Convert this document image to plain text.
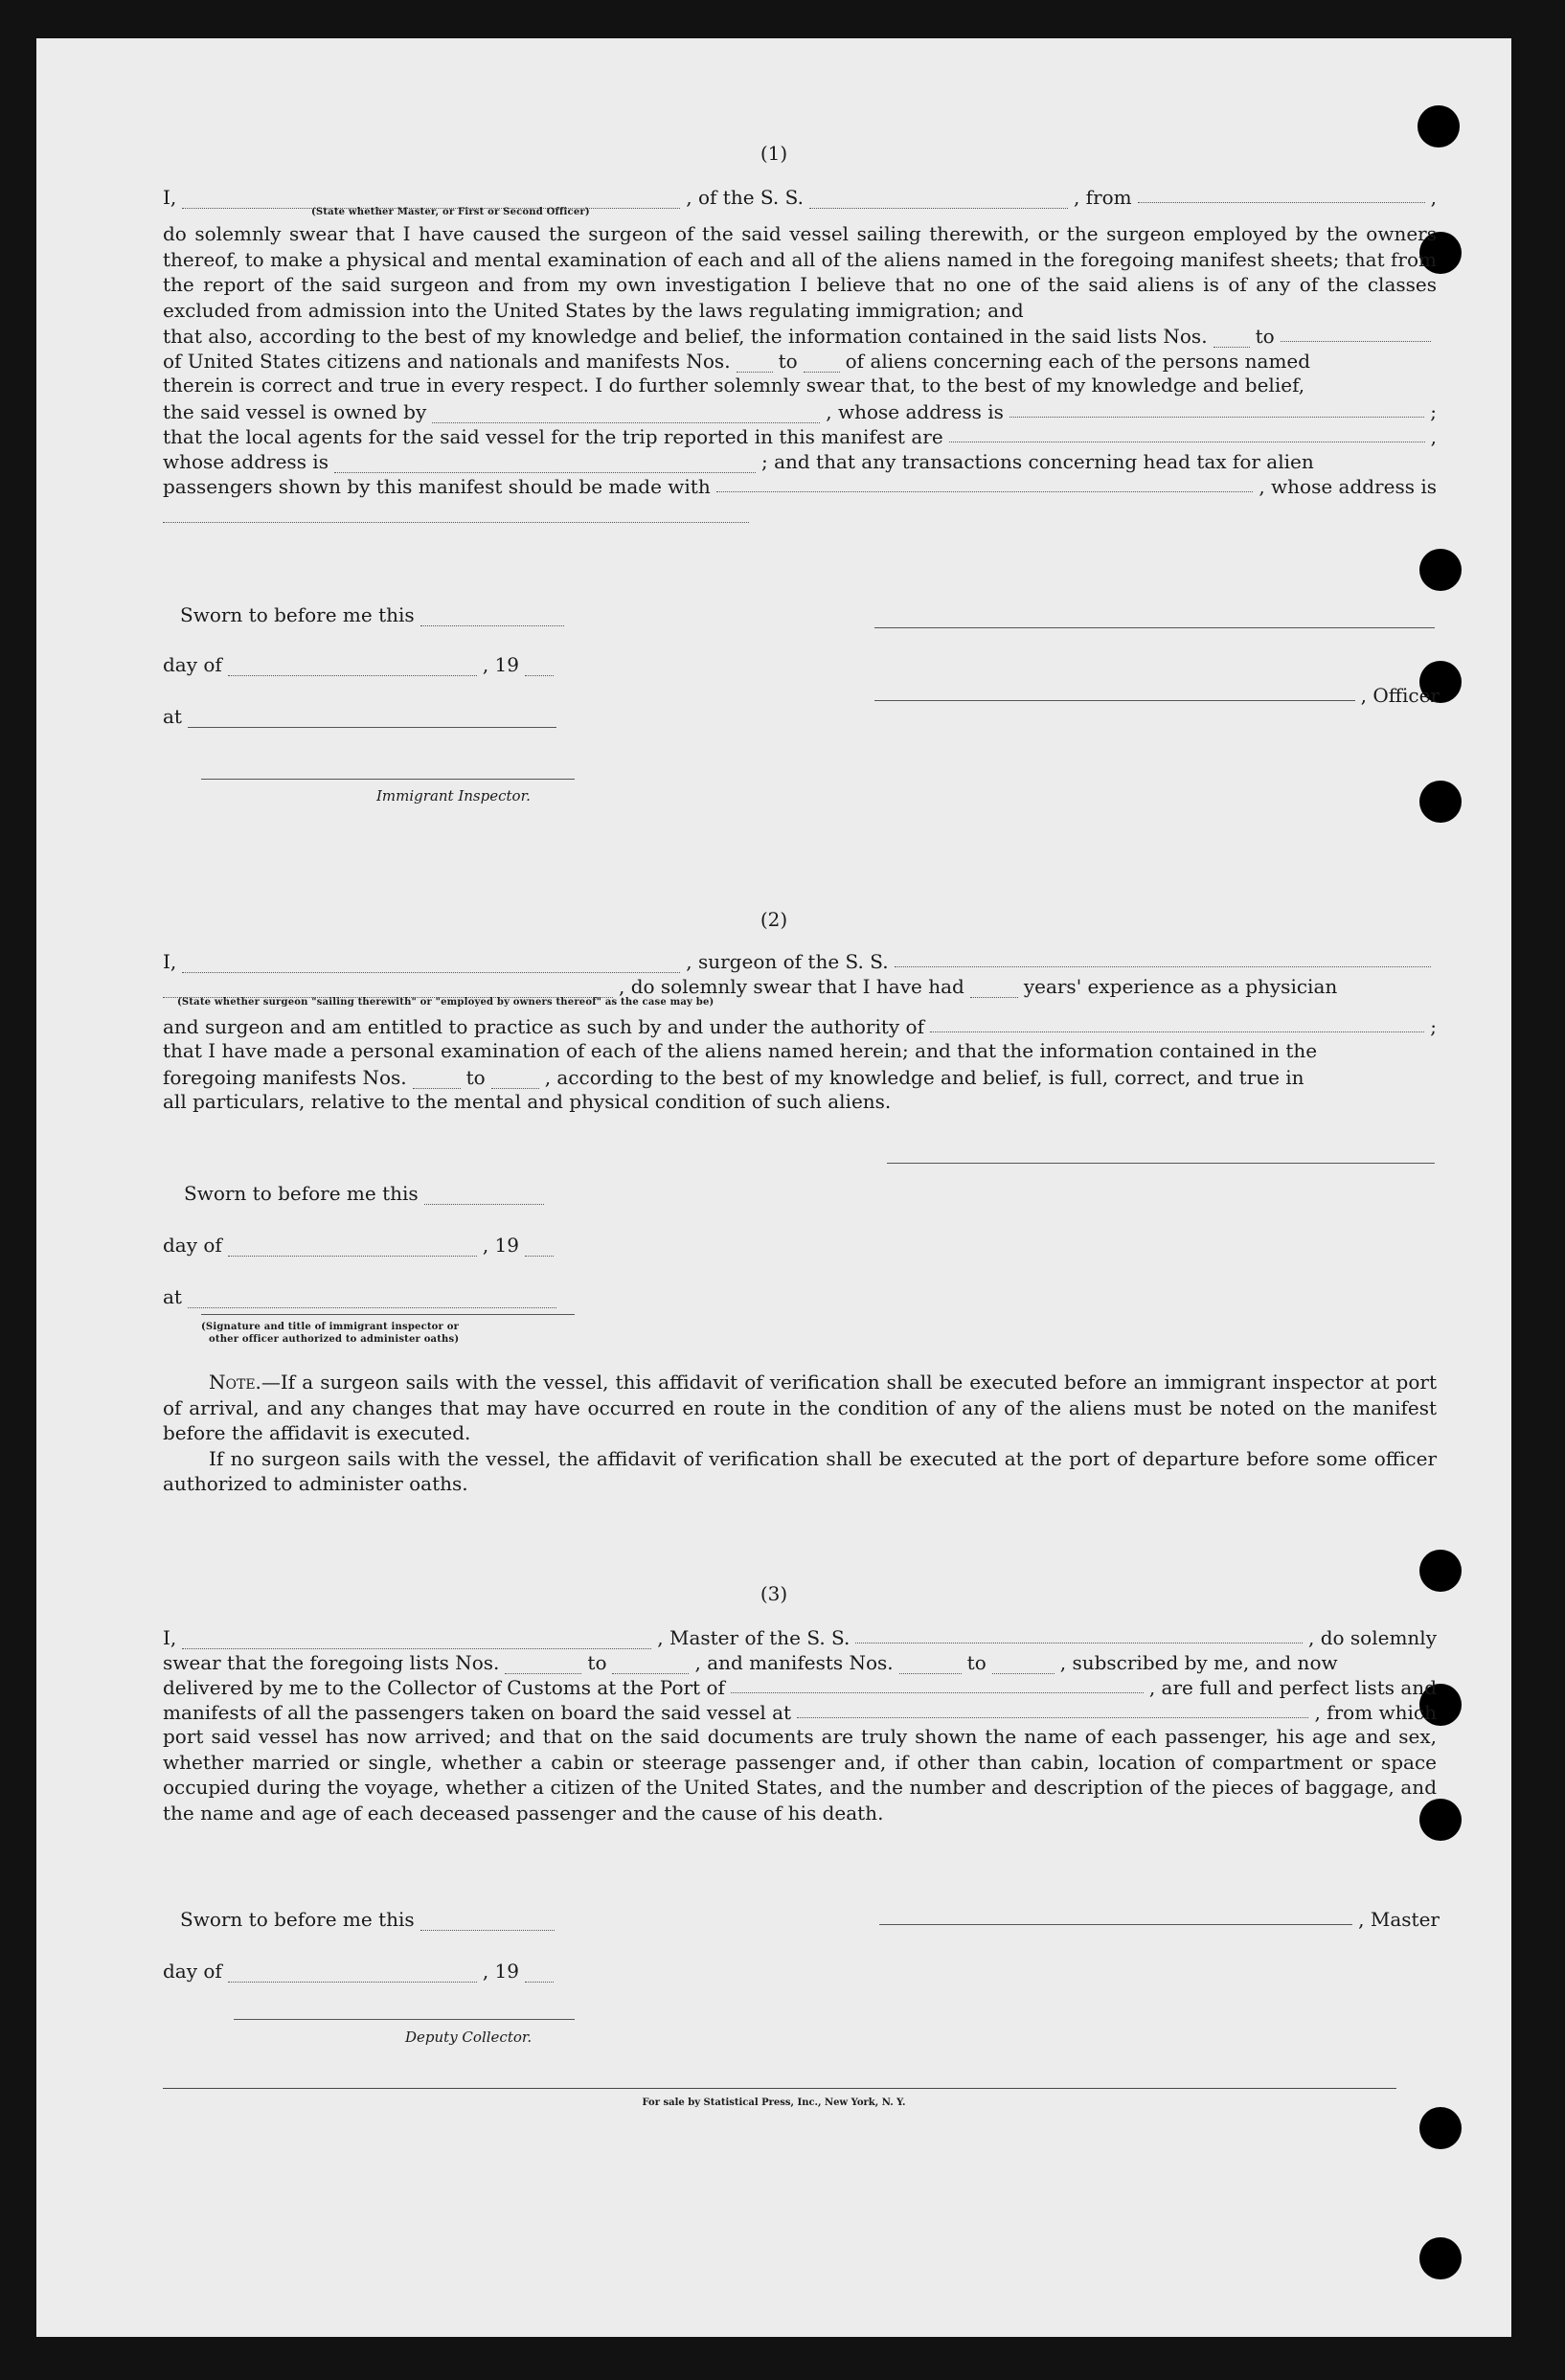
(1)
I,	, of the S. S.	, from	,
(State whether Master, or First or Second Officer)
do solemnly swear that I have caused the surgeon of the said vessel sailing therewith, or the surgeon employed by the owners thereof, to make a physical and mental examination of each and all of the aliens named in the foregoing manifest sheets; that from the report of the said surgeon and from my own investigation I believe that no one of the said aliens is of any of the classes excluded from admission into the United States by the laws regulating immigration; and
that also, according to the best of my knowledge and belief, the information contained in the said lists Nos.	to
of United States citizens and nationals and manifests Nos.	to	of aliens concerning each of the persons named
therein is correct and true in every respect. I do further solemnly swear that, to the best of my knowledge and belief,
the said vessel is owned by	, whose address is	;
that the local agents for the said vessel for the trip reported in this manifest are	,
whose address is	; and that any transactions concerning head tax for alien
passengers shown by this manifest should be made with	, whose address is
Sworn to before me this
day of	, 19
at
, Officer
Immigrant Inspector.
(2)
I,	, surgeon of the S. S.
, do solemnly swear that I have had	years' experience as a physician
(State whether surgeon "sailing therewith" or "employed by owners thereof" as the case may be)
and surgeon and am entitled to practice as such by and under the authority of	;
that I have made a personal examination of each of the aliens named herein; and that the information contained in the
foregoing manifests Nos.	to	, according to the best of my knowledge and belief, is full, correct, and true in
all particulars, relative to the mental and physical condition of such aliens.
Sworn to before me this
day of	, 19
at
(Signature and title of immigrant inspector or
other officer authorized to administer oaths)
Note.—If a surgeon sails with the vessel, this affidavit of verification shall be executed before an immigrant inspector at port of arrival, and any changes that may have occurred en route in the condition of any of the aliens must be noted on the manifest before the affidavit is executed.
If no surgeon sails with the vessel, the affidavit of verification shall be executed at the port of departure before some officer authorized to administer oaths.
(3)
I,	, Master of the S. S.	, do solemnly
swear that the foregoing lists Nos.	to	, and manifests Nos.	to	, subscribed by me, and now
delivered by me to the Collector of Customs at the Port of	, are full and perfect lists and
manifests of all the passengers taken on board the said vessel at	, from which
port said vessel has now arrived; and that on the said documents are truly shown the name of each passenger, his age and sex, whether married or single, whether a cabin or steerage passenger and, if other than cabin, location of compartment or space occupied during the voyage, whether a citizen of the United States, and the number and description of the pieces of baggage, and the name and age of each deceased passenger and the cause of his death.
Sworn to before me this	, Master
day of	, 19
Deputy Collector.
For sale by Statistical Press, Inc., New York, N. Y.
